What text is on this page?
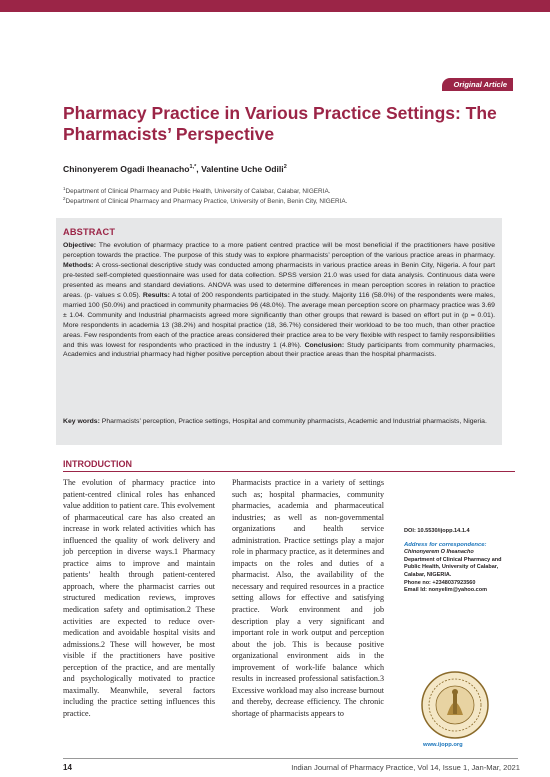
Original Article
Pharmacy Practice in Various Practice Settings: The Pharmacists’ Perspective
Chinonyerem Ogadi Iheanacho$^{1,*}$, Valentine Uche Odili$^2$
$^1$Department of Clinical Pharmacy and Public Health, University of Calabar, Calabar, NIGERIA.
$^2$Department of Clinical Pharmacy and Pharmacy Practice, University of Benin, Benin City, NIGERIA.
ABSTRACT

Objective: The evolution of pharmacy practice to a more patient centred practice will be most beneficial if the practitioners have positive perception towards the practice. The purpose of this study was to explore pharmacists’ perception of the various practice areas in pharmacy. Methods: A cross-sectional descriptive study was conducted among pharmacists in various practice areas in Benin City, Nigeria. A four part pre-tested self-completed questionnaire was used for data collection. SPSS version 21.0 was used for data analysis. Continuous data were presented as means and standard deviations. ANOVA was used to determine differences in mean perception scores in relation to practice areas. (p- values ≤ 0.05). Results: A total of 200 respondents participated in the study. Majority 116 (58.0%) of the respondents were males, married 100 (50.0%) and practiced in community pharmacies 96 (48.0%). The average mean perception score on pharmacy practice was 3.69 ± 1.04. Community and Industrial pharmacists agreed more significantly than other groups that reward is based on effort put in (p = 0.01). More respondents in academia 13 (38.2%) and hospital practice (18, 36.7%) considered their workload to be too much, than other practice areas. Few respondents from each of the practice areas considered their practice area to be very flexible with respect to family responsibilities and this was lowest for respondents who practiced in the industry 1 (4.8%). Conclusion: Study participants from community pharmacies, Academics and industrial pharmacy had higher positive perception about their practice areas than the hospital pharmacists.

Key words: Pharmacists’ perception, Practice settings, Hospital and community pharmacists, Academic and Industrial pharmacists, Nigeria.

INTRODUCTION

The evolution of pharmacy practice into patient-centred clinical roles has enhanced value addition to patient care. This evolvement of pharmaceutical care has also created an increase in work related activities which has influenced the quality of work delivery and job perception in diverse ways.1 Pharmacy practice aims to improve and maintain patients’ health through patient-centered approach, where the pharmacist carries out structured medication reviews, improves medication safety and optimisation.2 These activities are expected to reduce over-medication and avoidable hospital visits and admissions.2 These will however, be most visible if the practitioners have positive perception of the practice, and are mentally and psychologically motivated to practice maximally. Meanwhile, several factors including the practice setting influences this practice.

Pharmacists practice in a variety of settings such as; hospital pharmacies, community pharmacies, academia and pharmaceutical industries; as well as non-governmental organizations and health service administration. Practice settings play a major role in pharmacy practice, as it determines and impacts on the roles and duties of a pharmacist. Also, the availability of the necessary and required resources in a practice setting allows for effective and satisfying practice. Work environment and job description play a very significant and important role in work output and perception about the job. This is because positive organizational environment aids in the improvement of work-life balance which results in increased professional satisfaction.3 Excessive workload may also increase burnout and thereby, decrease efficiency. The chronic shortage of pharmacists appears to

DOI: 10.5530/ijopp.14.1.4
Address for correspondence:
Chinonyerem O Iheanacho
Department of Clinical Pharmacy and Public Health, University of Calabar, Calabar, NIGERIA.
Phone no: +2348037923560
Email Id: nonyelim@yahoo.com
www.ijopp.org
14	Indian Journal of Pharmacy Practice, Vol 14, Issue 1, Jan-Mar, 2021
